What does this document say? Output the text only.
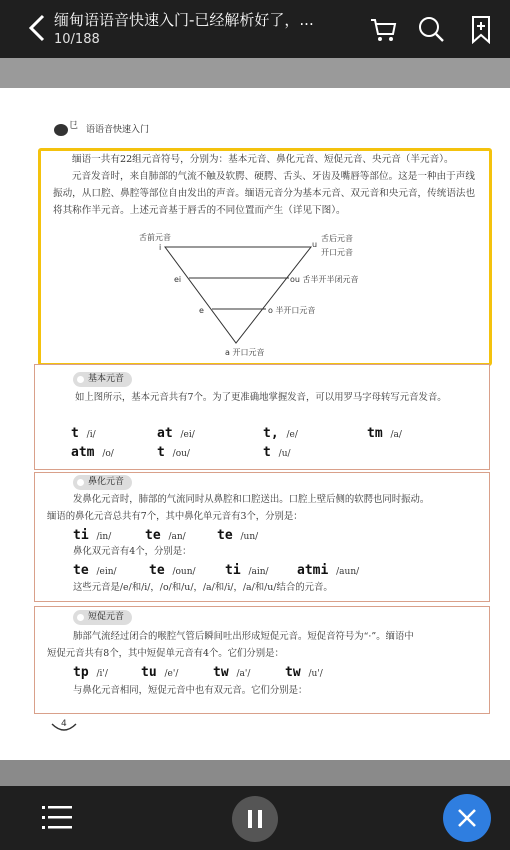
缅甸语语音快速入门-已经解析好了，...
10/188
㔾 语语音快速入门

缅语一共有22组元音符号，分别为：基本元音、鼻化元音、短促元音、央元音（半元音）。

元音发音时，来自肺部的气流不触及软腭、硬腭、舌头、牙齿及嘴唇等部位。这是一种由于声线振动，从口腔、鼻腔等部位自由发出的声音。缅语元音分为基本元音、双元音和央元音，传统语法也将其称作半元音。上述元音基于唇舌的不同位置而产生（详见下图）。

舌前元音
i	u
舌后元音
开口元音
ei	ou 舌半开半闭元音
e	o 半开口元音
a 开口元音
基本元音
如上图所示，基本元音共有7个。为了更准确地掌握发音，可以用罗马字母转写元音发音。
t /i/	at /ei/	t, /e/	tm /a/
atm /o/	t /ou/	t /u/
鼻化元音
发鼻化元音时，肺部的气流同时从鼻腔和口腔送出。口腔上壁后侧的软腭也同时振动。
缅语的鼻化元音总共有7个，其中鼻化单元音有3个，分别是：
ti /in/	te /an/ te /un/
鼻化双元音有4个，分别是：
te /ein/ te /oun/ ti /ain/ atmi /aun/
这些元音是/e/和/i/，/o/和/u/，/a/和/i/，/a/和/u/结合的元音。
短促元音
肺部气流经过闭合的喉腔气管后瞬间吐出形成短促元音。短促音符号为“·”。缅语中
短促元音共有8个，其中短促单元音有4个。它们分别是：
tp /i'/	tu /e'/	tw /a'/	tw /u'/
与鼻化元音相同，短促元音中也有双元音。它们分别是：
4
